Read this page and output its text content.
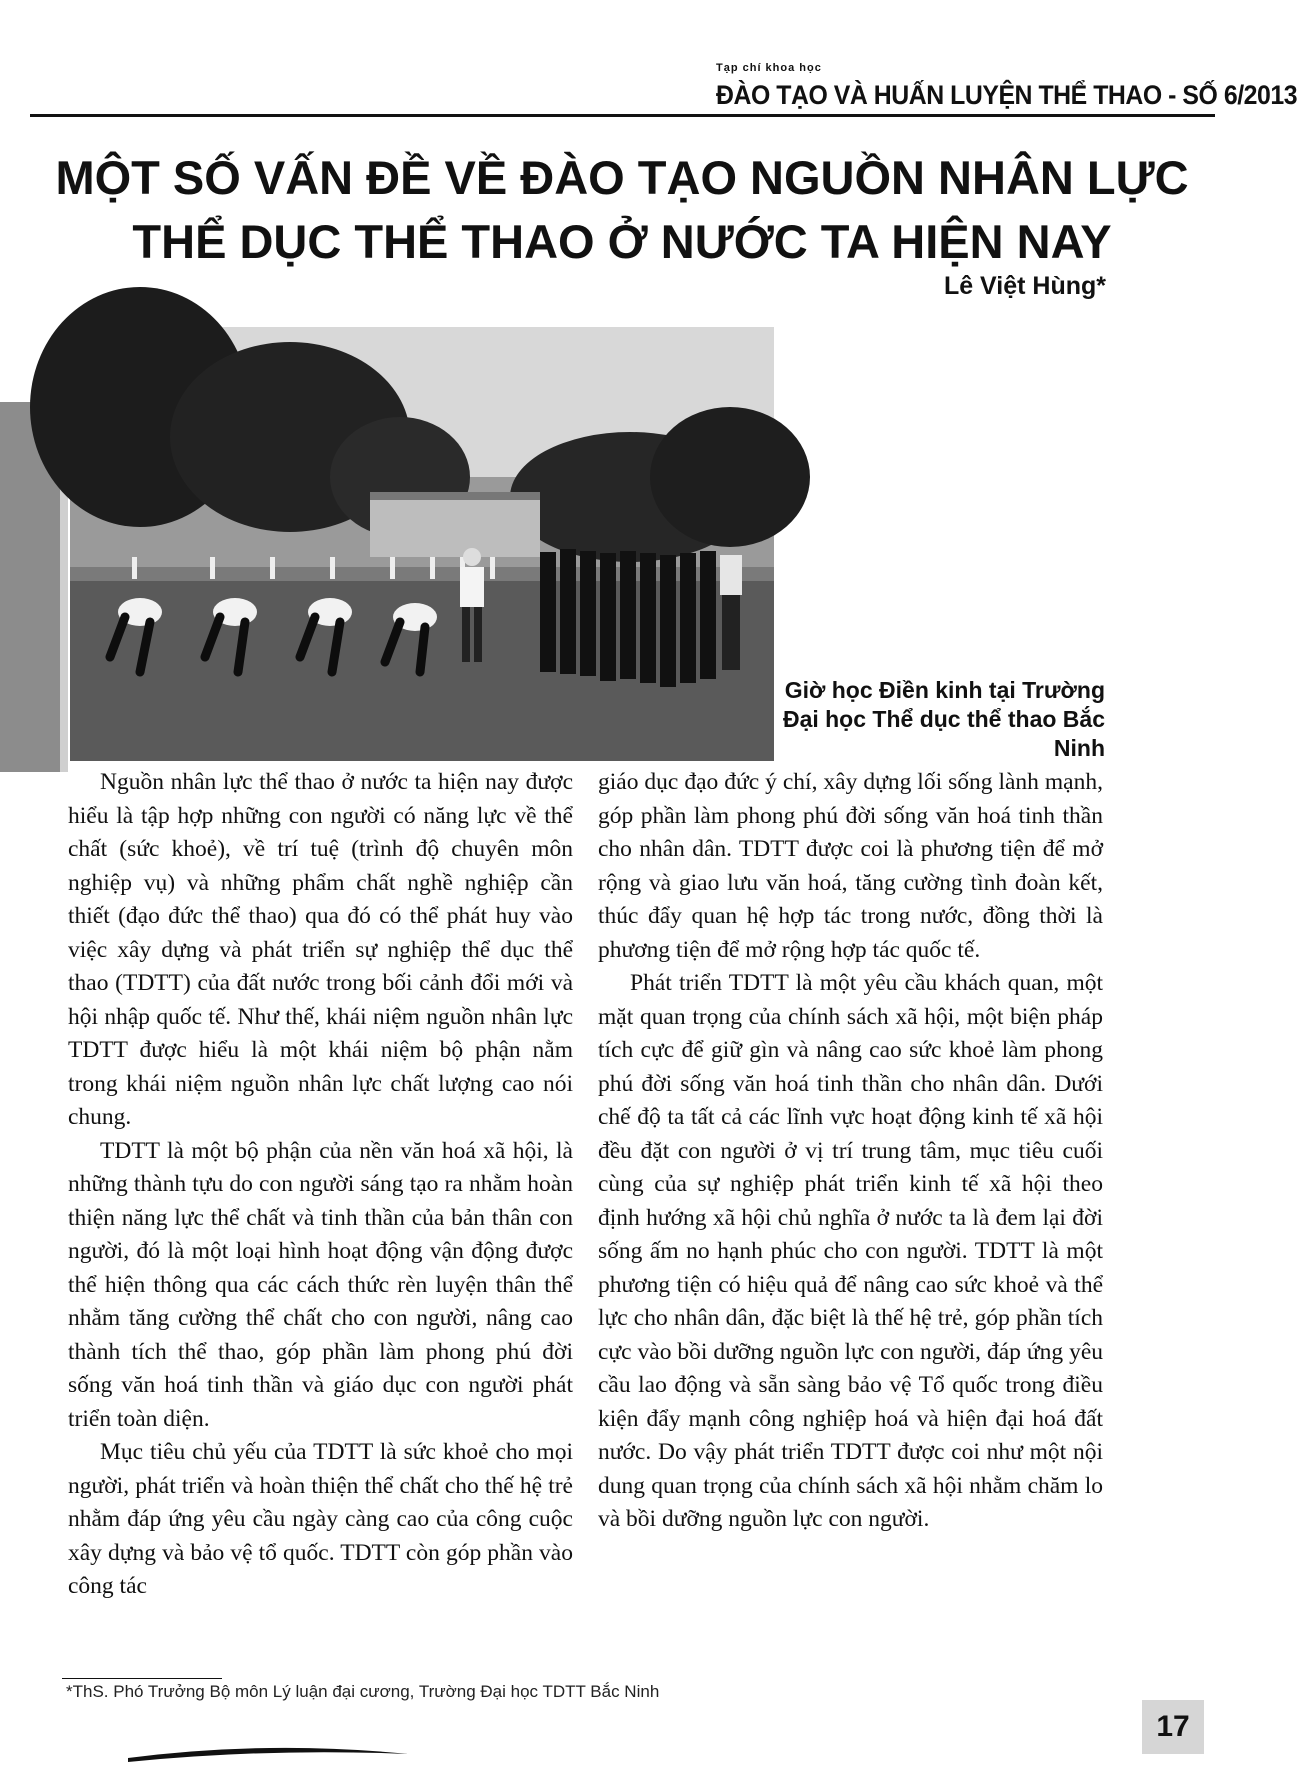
Tạp chí khoa học
ĐÀO TẠO VÀ HUẤN LUYỆN THỂ THAO - SỐ 6/2013
MỘT SỐ VẤN ĐỀ VỀ ĐÀO TẠO NGUỒN NHÂN LỰC
THỂ DỤC THỂ THAO Ở NƯỚC TA HIỆN NAY
Lê Việt Hùng*
Giờ học Điền kinh tại Trường Đại học Thể dục thể thao Bắc Ninh

Nguồn nhân lực thể thao ở nước ta hiện nay được hiểu là tập hợp những con người có năng lực về thể chất (sức khoẻ), về trí tuệ (trình độ chuyên môn nghiệp vụ) và những phẩm chất nghề nghiệp cần thiết (đạo đức thể thao) qua đó có thể phát huy vào việc xây dựng và phát triển sự nghiệp thể dục thể thao (TDTT) của đất nước trong bối cảnh đổi mới và hội nhập quốc tế. Như thế, khái niệm nguồn nhân lực TDTT được hiểu là một khái niệm bộ phận nằm trong khái niệm nguồn nhân lực chất lượng cao nói chung.

TDTT là một bộ phận của nền văn hoá xã hội, là những thành tựu do con người sáng tạo ra nhằm hoàn thiện năng lực thể chất và tinh thần của bản thân con người, đó là một loại hình hoạt động vận động được thể hiện thông qua các cách thức rèn luyện thân thể nhằm tăng cường thể chất cho con người, nâng cao thành tích thể thao, góp phần làm phong phú đời sống văn hoá tinh thần và giáo dục con người phát triển toàn diện.

Mục tiêu chủ yếu của TDTT là sức khoẻ cho mọi người, phát triển và hoàn thiện thể chất cho thế hệ trẻ nhằm đáp ứng yêu cầu ngày càng cao của công cuộc xây dựng và bảo vệ tổ quốc. TDTT còn góp phần vào công tác

giáo dục đạo đức ý chí, xây dựng lối sống lành mạnh, góp phần làm phong phú đời sống văn hoá tinh thần cho nhân dân. TDTT được coi là phương tiện để mở rộng và giao lưu văn hoá, tăng cường tình đoàn kết, thúc đẩy quan hệ hợp tác trong nước, đồng thời là phương tiện để mở rộng hợp tác quốc tế.

Phát triển TDTT là một yêu cầu khách quan, một mặt quan trọng của chính sách xã hội, một biện pháp tích cực để giữ gìn và nâng cao sức khoẻ làm phong phú đời sống văn hoá tinh thần cho nhân dân. Dưới chế độ ta tất cả các lĩnh vực hoạt động kinh tế xã hội đều đặt con người ở vị trí trung tâm, mục tiêu cuối cùng của sự nghiệp phát triển kinh tế xã hội theo định hướng xã hội chủ nghĩa ở nước ta là đem lại đời sống ấm no hạnh phúc cho con người. TDTT là một phương tiện có hiệu quả để nâng cao sức khoẻ và thể lực cho nhân dân, đặc biệt là thế hệ trẻ, góp phần tích cực vào bồi dưỡng nguồn lực con người, đáp ứng yêu cầu lao động và sẵn sàng bảo vệ Tổ quốc trong điều kiện đẩy mạnh công nghiệp hoá và hiện đại hoá đất nước. Do vậy phát triển TDTT được coi như một nội dung quan trọng của chính sách xã hội nhằm chăm lo và bồi dưỡng nguồn lực con người.

*ThS. Phó Trưởng Bộ môn Lý luận đại cương, Trường Đại học TDTT Bắc Ninh
17
